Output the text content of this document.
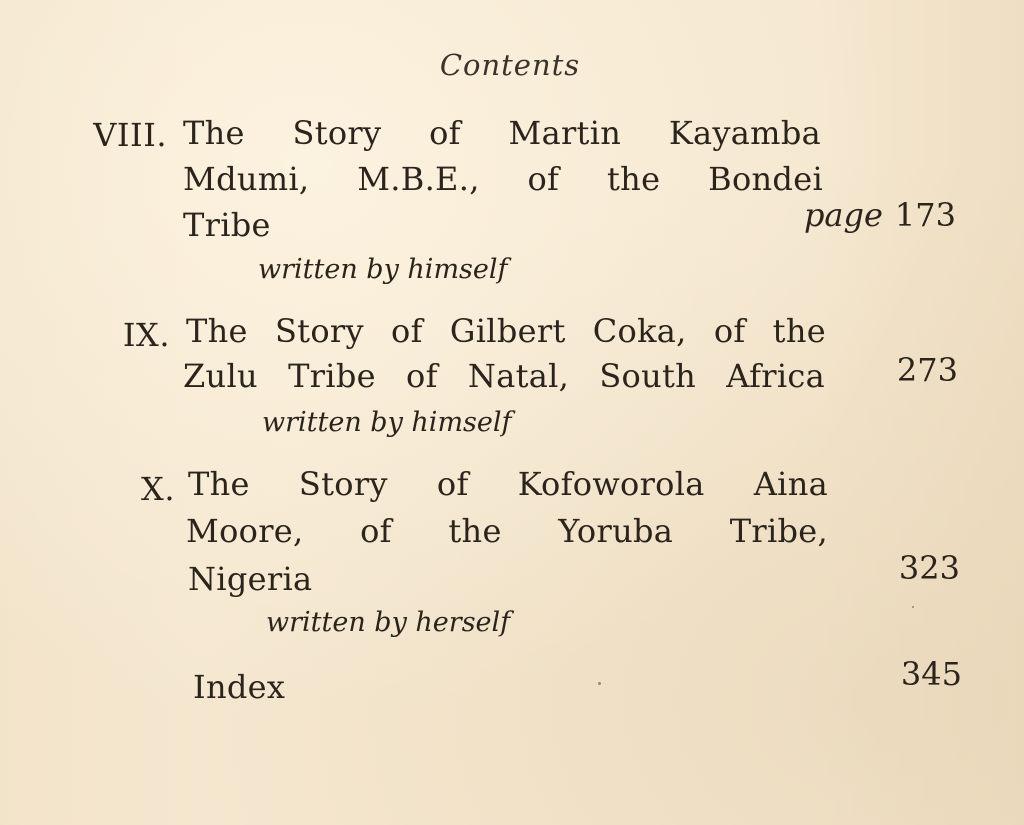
Contents
VIII. The Story of Martin Kayamba
Mdumi, M.B.E., of the Bondei
Tribe	page 173
written by himself
IX. The Story of Gilbert Coka, of the
Zulu Tribe of Natal, South Africa	273
written by himself
X. The Story of Kofoworola Aina
Moore, of the Yoruba Tribe,
Nigeria	323
written by herself
Index	345
